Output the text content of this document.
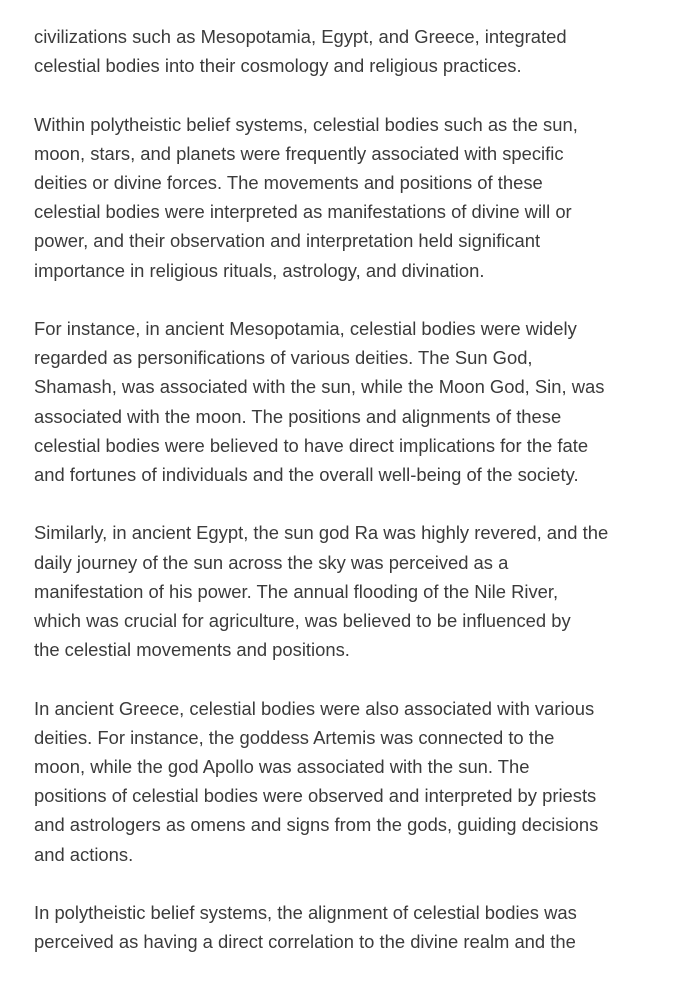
civilizations such as Mesopotamia, Egypt, and Greece, integrated
celestial bodies into their cosmology and religious practices.

Within polytheistic belief systems, celestial bodies such as the sun,
moon, stars, and planets were frequently associated with specific
deities or divine forces. The movements and positions of these
celestial bodies were interpreted as manifestations of divine will or
power, and their observation and interpretation held significant
importance in religious rituals, astrology, and divination.

For instance, in ancient Mesopotamia, celestial bodies were widely
regarded as personifications of various deities. The Sun God,
Shamash, was associated with the sun, while the Moon God, Sin, was
associated with the moon. The positions and alignments of these
celestial bodies were believed to have direct implications for the fate
and fortunes of individuals and the overall well-being of the society.

Similarly, in ancient Egypt, the sun god Ra was highly revered, and the
daily journey of the sun across the sky was perceived as a
manifestation of his power. The annual flooding of the Nile River,
which was crucial for agriculture, was believed to be influenced by
the celestial movements and positions.

In ancient Greece, celestial bodies were also associated with various
deities. For instance, the goddess Artemis was connected to the
moon, while the god Apollo was associated with the sun. The
positions of celestial bodies were observed and interpreted by priests
and astrologers as omens and signs from the gods, guiding decisions
and actions.

In polytheistic belief systems, the alignment of celestial bodies was
perceived as having a direct correlation to the divine realm and the
